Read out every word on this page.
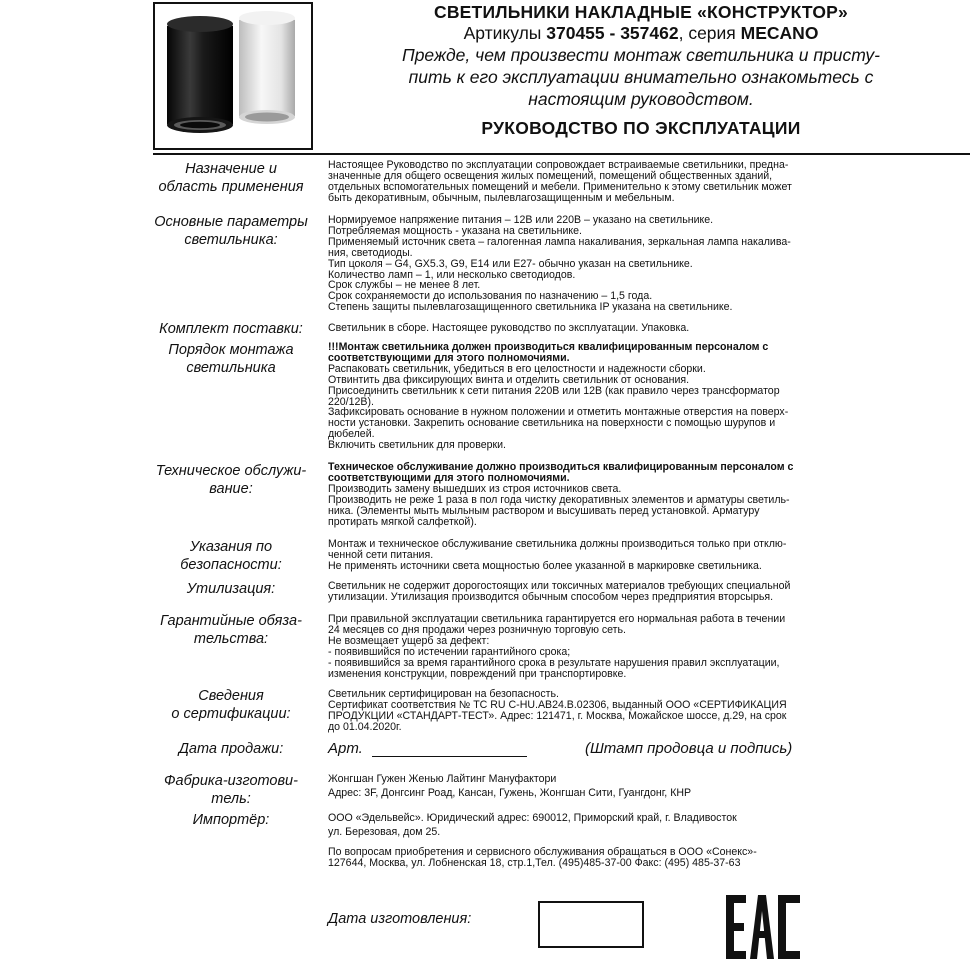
СВЕТИЛЬНИКИ НАКЛАДНЫЕ «КОНСТРУКТОР»
Артикулы 370455 - 357462, серия MECANO
Прежде, чем произвести монтаж светильника и присту-
пить к его эксплуатации внимательно ознакомьтесь с
настоящим руководством.
РУКОВОДСТВО ПО ЭКСПЛУАТАЦИИ
Назначение и
область применения

Настоящее Руководство по эксплуатации сопровождает встраиваемые светильники, предна-

значенные для общего освещения жилых помещений, помещений общественных зданий,

отдельных вспомогательных помещений и мебели. Применительно к этому светильник может

быть декоративным, обычным, пылевлагозащищенным и мебельным.

Основные параметры
светильника:

Нормируемое напряжение питания – 12В или 220В – указано на светильнике.

Потребляемая мощность - указана на светильнике.

Применяемый источник света – галогенная лампа накаливания, зеркальная лампа накалива-

ния, светодиоды.

Тип цоколя – G4, GX5.3, G9, E14 или E27- обычно указан на светильнике.

Количество ламп – 1, или несколько светодиодов.

Срок службы – не менее 8 лет.

Срок сохраняемости до использования по назначению – 1,5 года.

Степень защиты пылевлагозащищенного светильника IP указана на светильнике.

Комплект поставки:	Светильник в сборе. Настоящее руководство по эксплуатации. Упаковка.

Порядок монтажа
светильника

!!!Монтаж светильника должен производиться квалифицированным персоналом с

соответствующими для этого полномочиями.

Распаковать светильник, убедиться в его целостности и надежности сборки.

Отвинтить два фиксирующих винта и отделить светильник от основания.

Присоединить светильник к сети питания 220В или 12В (как правило через трансформатор

220/12В).

Зафиксировать основание в нужном положении и отметить монтажные отверстия на поверх-

ности установки. Закрепить основание светильника на поверхности с помощью шурупов и

дюбелей.

Включить светильник для проверки.

Техническое обслужи-
вание:

Техническое обслуживание должно производиться квалифицированным персоналом с

соответствующими для этого полномочиями.

Производить замену вышедших из строя источников света.

Производить не реже 1 раза в пол года чистку декоративных элементов и арматуры светиль-

ника. (Элементы мыть мыльным раствором и высушивать перед установкой. Арматуру

протирать мягкой салфеткой).

Указания по
безопасности:

Монтаж и техническое обслуживание светильника должны производиться только при отклю-

ченной сети питания.

Не применять источники света мощностью более указанной в маркировке светильника.

Утилизация:	Светильник не содержит дорогостоящих или токсичных материалов требующих специальной

утилизации. Утилизация производится обычным способом через предприятия вторсырья.

Гарантийные обяза-
тельства:

При правильной эксплуатации светильника гарантируется его нормальная работа в течении

24 месяцев со дня продажи через розничную торговую сеть.

Не возмещает ущерб за дефект:

- появившийся по истечении гарантийного срока;

- появившийся за время гарантийного срока в результате нарушения правил эксплуатации,

изменения конструкции, повреждений при транспортировке.

Сведения
о сертификации:

Светильник сертифицирован на безопасность.

Сертификат соответствия № ТС RU С-HU.АВ24.В.02306, выданный ООО «СЕРТИФИКАЦИЯ

ПРОДУКЦИИ «СТАНДАРТ-ТЕСТ». Адрес: 121471, г. Москва, Можайское шоссе, д.29, на срок

до 01.04.2020г.

Дата продажи:	Арт.	(Штамп продовца и подпись)
Фабрика-изготови-
тель:

Жонгшан Гужен Женью Лайтинг Мануфактори

Адрес: 3F, Донгсинг Роад, Кансан, Гужень, Жонгшан Сити, Гуангдонг, КНР

Импортёр:	ООО «Эдельвейс». Юридический адрес: 690012, Приморский край, г. Владивосток

ул. Березовая, дом 25.

По вопросам приобретения и сервисного обслуживания обращаться в ООО «Сонекс»-

127644, Москва, ул. Лобненская 18, стр.1,Тел. (495)485-37-00 Факс: (495) 485-37-63

Дата изготовления:
